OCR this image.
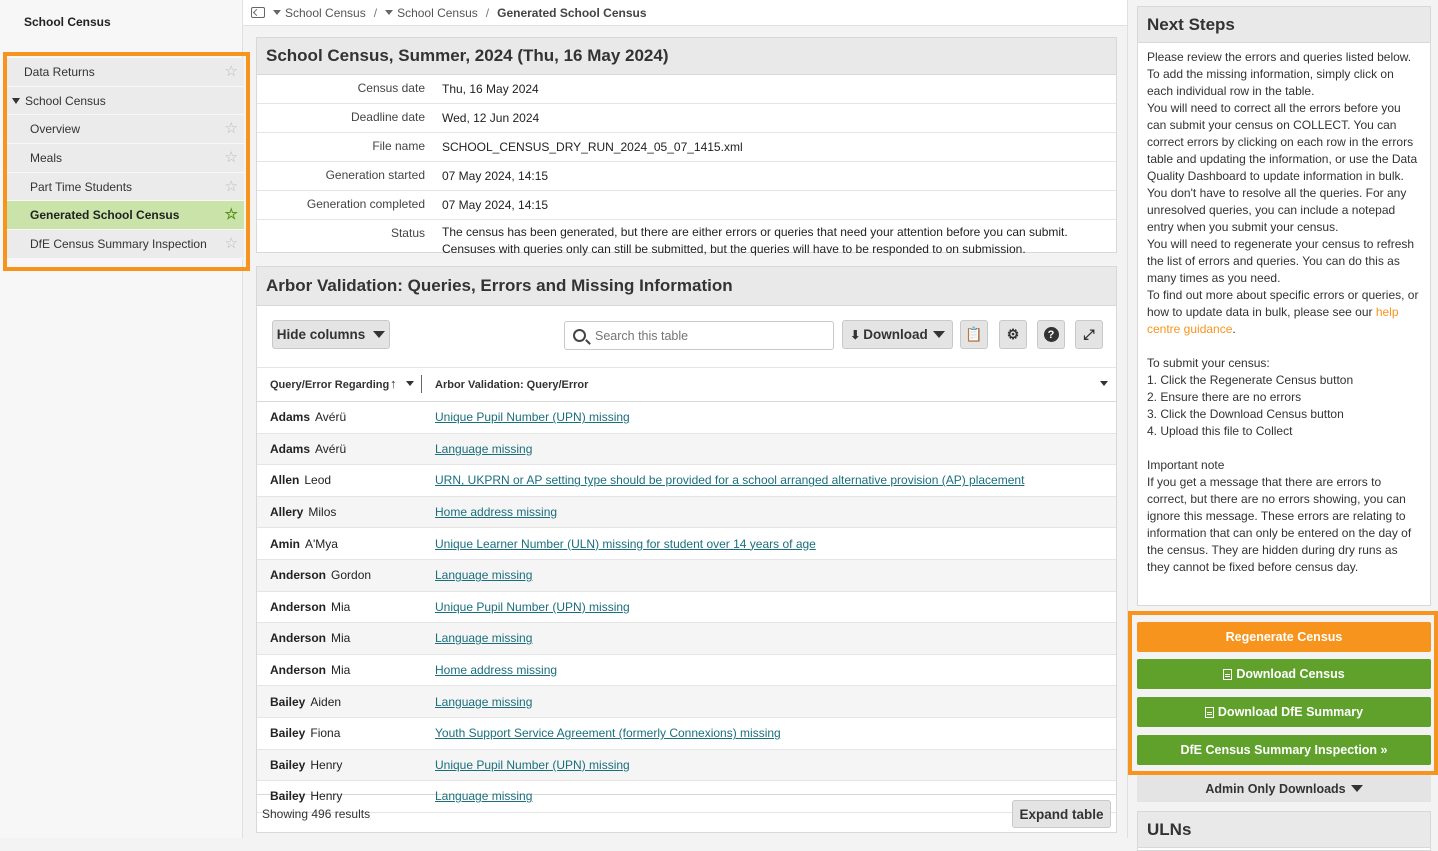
School Census
Data Returns	☆
School Census
Overview	☆
Meals	☆
Part Time Students	☆
Generated School Census	☆
DfE Census Summary Inspection ☆
School Census / School Census / Generated School Census
School Census, Summer, 2024 (Thu, 16 May 2024)
Census date	Thu, 16 May 2024
Deadline date	Wed, 12 Jun 2024
File name	SCHOOL_CENSUS_DRY_RUN_2024_05_07_1415.xml
Generation started	07 May 2024, 14:15
Generation completed	07 May 2024, 14:15
Status	The census has been generated, but there are either errors or queries that need your attention before you can submit.
Censuses with queries only can still be submitted, but the queries will have to be responded to on submission.
Arbor Validation: Queries, Errors and Missing Information
Hide columns
Search this table	⬇ Download	📋	⚙	?	⤢
Query/Error Regarding ↑	Arbor Validation: Query/Error
Adams Avérü	Unique Pupil Number (UPN) missing
Adams Avérü	Language missing
Allen Leod	URN, UKPRN or AP setting type should be provided for a school arranged alternative provision (AP) placement
Allery Milos	Home address missing
Amin A'Mya	Unique Learner Number (ULN) missing for student over 14 years of age
Anderson Gordon	Language missing
Anderson Mia	Unique Pupil Number (UPN) missing
Anderson Mia	Language missing
Anderson Mia	Home address missing
Bailey Aiden	Language missing
Bailey Fiona	Youth Support Service Agreement (formerly Connexions) missing
Bailey Henry	Unique Pupil Number (UPN) missing
Bailey Henry	Language missing
Showing 496 results	Expand table
Next Steps

Please review the errors and queries listed below. To add the missing information, simply click on each individual row in the table.

You will need to correct all the errors before you can submit your census on COLLECT. You can correct errors by clicking on each row in the errors table and updating the information, or use the Data Quality Dashboard to update information in bulk.

You don't have to resolve all the queries. For any unresolved queries, you can include a notepad entry when you submit your census.

You will need to regenerate your census to refresh the list of errors and queries. You can do this as many times as you need.

To find out more about specific errors or queries, or how to update data in bulk, please see our help centre guidance.

To submit your census:

1. Click the Regenerate Census button

2. Ensure there are no errors

3. Click the Download Census button

4. Upload this file to Collect

Important note

If you get a message that there are errors to correct, but there are no errors showing, you can ignore this message. These errors are relating to information that can only be entered on the day of the census. They are hidden during dry runs as they cannot be fixed before census day.

Regenerate Census
Download Census
Download DfE Summary
DfE Census Summary Inspection »
Admin Only Downloads
ULNs
